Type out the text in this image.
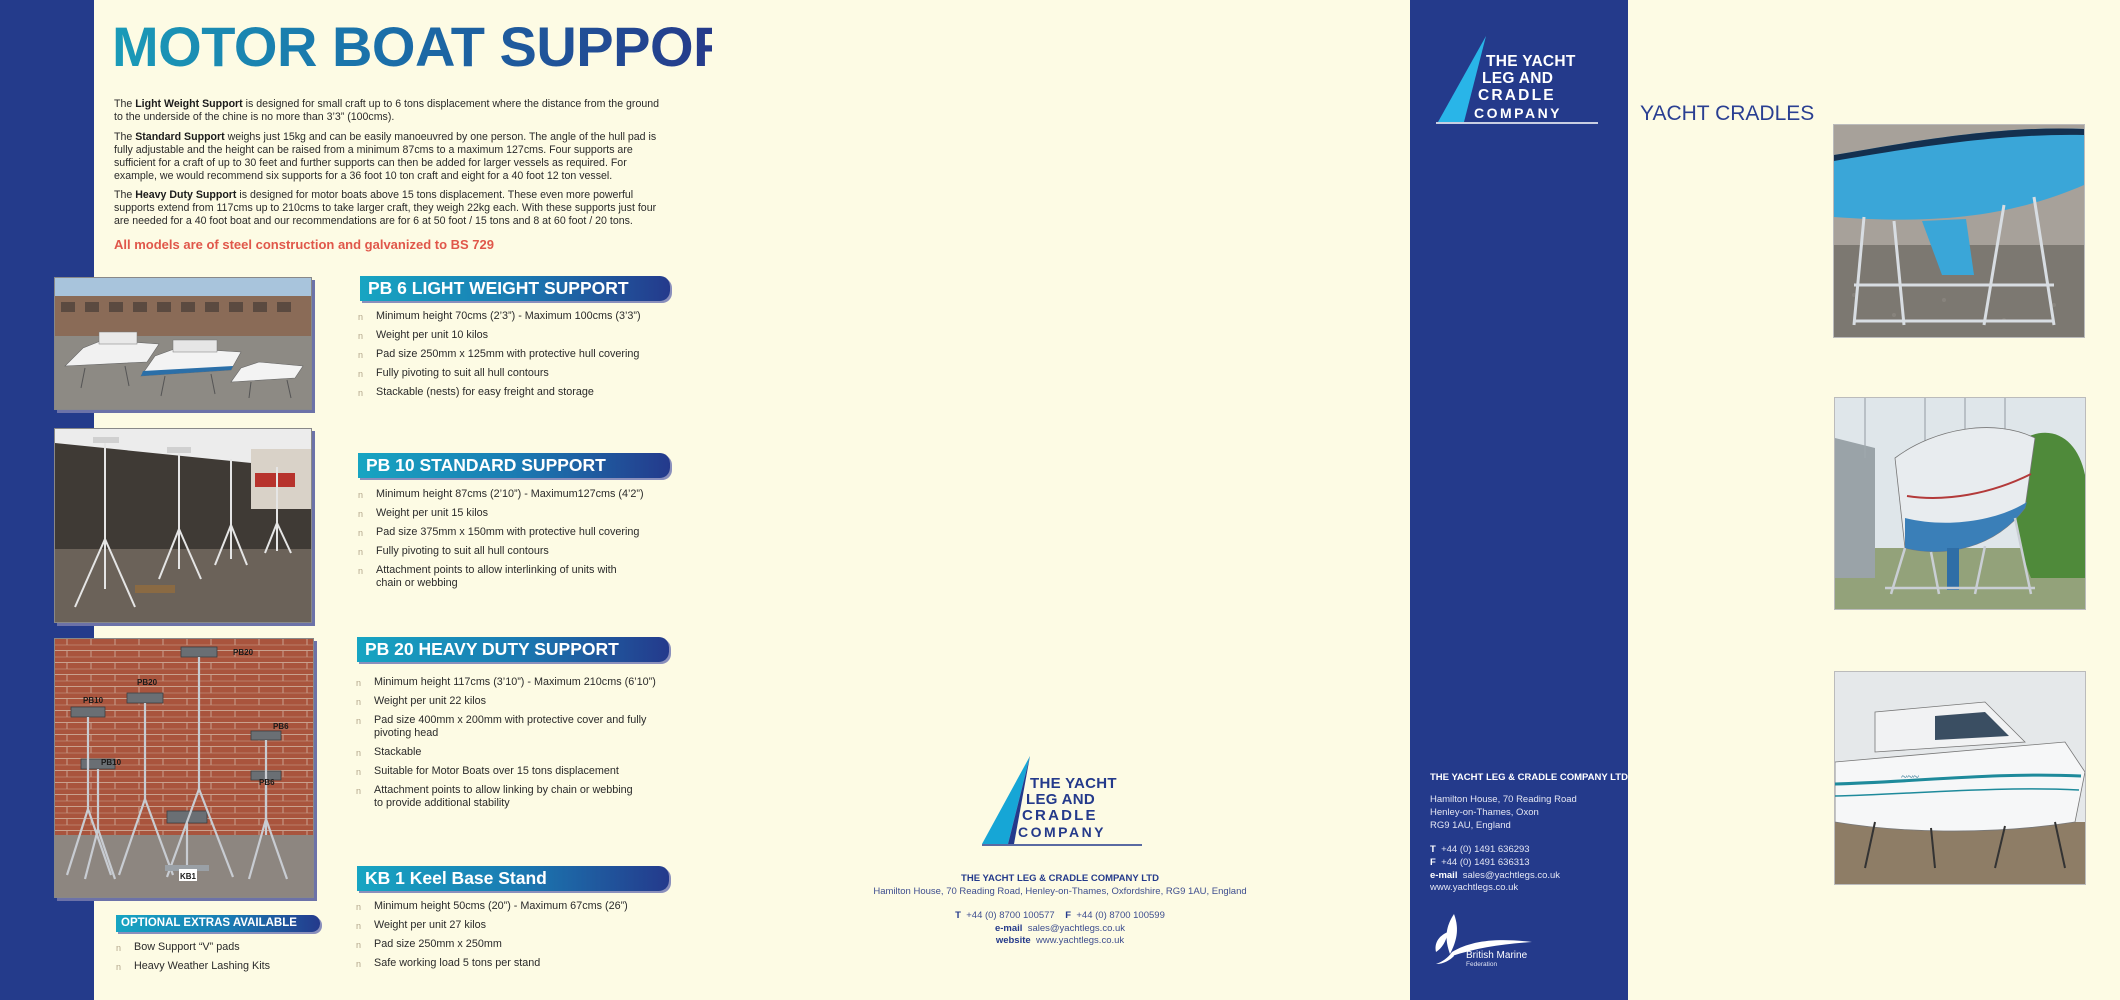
MOTOR BOAT SUPPORTS
The Light Weight Support is designed for small craft up to 6 tons displacement where the distance from the ground to the underside of the chine is no more than 3’3” (100cms).
The Standard Support weighs just 15kg and can be easily manoeuvred by one person. The angle of the hull pad is fully adjustable and the height can be raised from a minimum 87cms to a maximum 127cms. Four supports are sufficient for a craft of up to 30 feet and further supports can then be added for larger vessels as required. For example, we would recommend six supports for a 36 foot 10 ton craft and eight for a 40 foot 12 ton vessel.
The Heavy Duty Support is designed for motor boats above 15 tons displacement. These even more powerful supports extend from 117cms up to 210cms to take larger craft, they weigh 22kg each. With these supports just four are needed for a 40 foot boat and our recommendations are for 6 at 50 foot / 15 tons and 8 at 60 foot / 20 tons.
All models are of steel construction and galvanized to BS 729
PB20
PB20
PB10
PB6
PB10
PB6
KB1
PB 6 LIGHT WEIGHT SUPPORT
n Minimum height 70cms (2’3”) - Maximum 100cms (3’3”)
n Weight per unit 10 kilos
n Pad size 250mm x 125mm with protective hull covering
n Fully pivoting to suit all hull contours
n Stackable (nests) for easy freight and storage
PB 10 STANDARD SUPPORT
n Minimum height 87cms (2’10”) - Maximum127cms (4’2”)
n Weight per unit 15 kilos
n Pad size 375mm x 150mm with protective hull covering
n Fully pivoting to suit all hull contours
n Attachment points to allow interlinking of units with chain or webbing
PB 20 HEAVY DUTY SUPPORT
n Minimum height 117cms (3’10”) - Maximum 210cms (6’10”)
n Weight per unit 22 kilos
n Pad size 400mm x 200mm with protective cover and fully pivoting head
n Stackable
n Suitable for Motor Boats over 15 tons displacement
n Attachment points to allow linking by chain or webbing to provide additional stability
KB 1 Keel Base Stand
n Minimum height 50cms (20”) - Maximum 67cms (26”)
n Weight per unit 27 kilos
n Pad size 250mm x 250mm
n Safe working load 5 tons per stand
OPTIONAL EXTRAS AVAILABLE
n Bow Support “V” pads
n Heavy Weather Lashing Kits
THE YACHT
LEG AND
CRADLE
COMPANY
THE YACHT LEG & CRADLE COMPANY LTD
Hamilton House, 70 Reading Road, Henley-on-Thames, Oxfordshire, RG9 1AU, England
T +44 (0) 8700 100577 F +44 (0) 8700 100599
e-mail sales@yachtlegs.co.uk
website www.yachtlegs.co.uk
THE YACHT
LEG AND
CRADLE
COMPANY
THE YACHT LEG & CRADLE COMPANY LTD
Hamilton House, 70 Reading Road
Henley-on-Thames, Oxon
RG9 1AU, England
T +44 (0) 1491 636293
F +44 (0) 1491 636313
e-mail sales@yachtlegs.co.uk
www.yachtlegs.co.uk
British Marine
Federation
YACHT CRADLES
~~~
